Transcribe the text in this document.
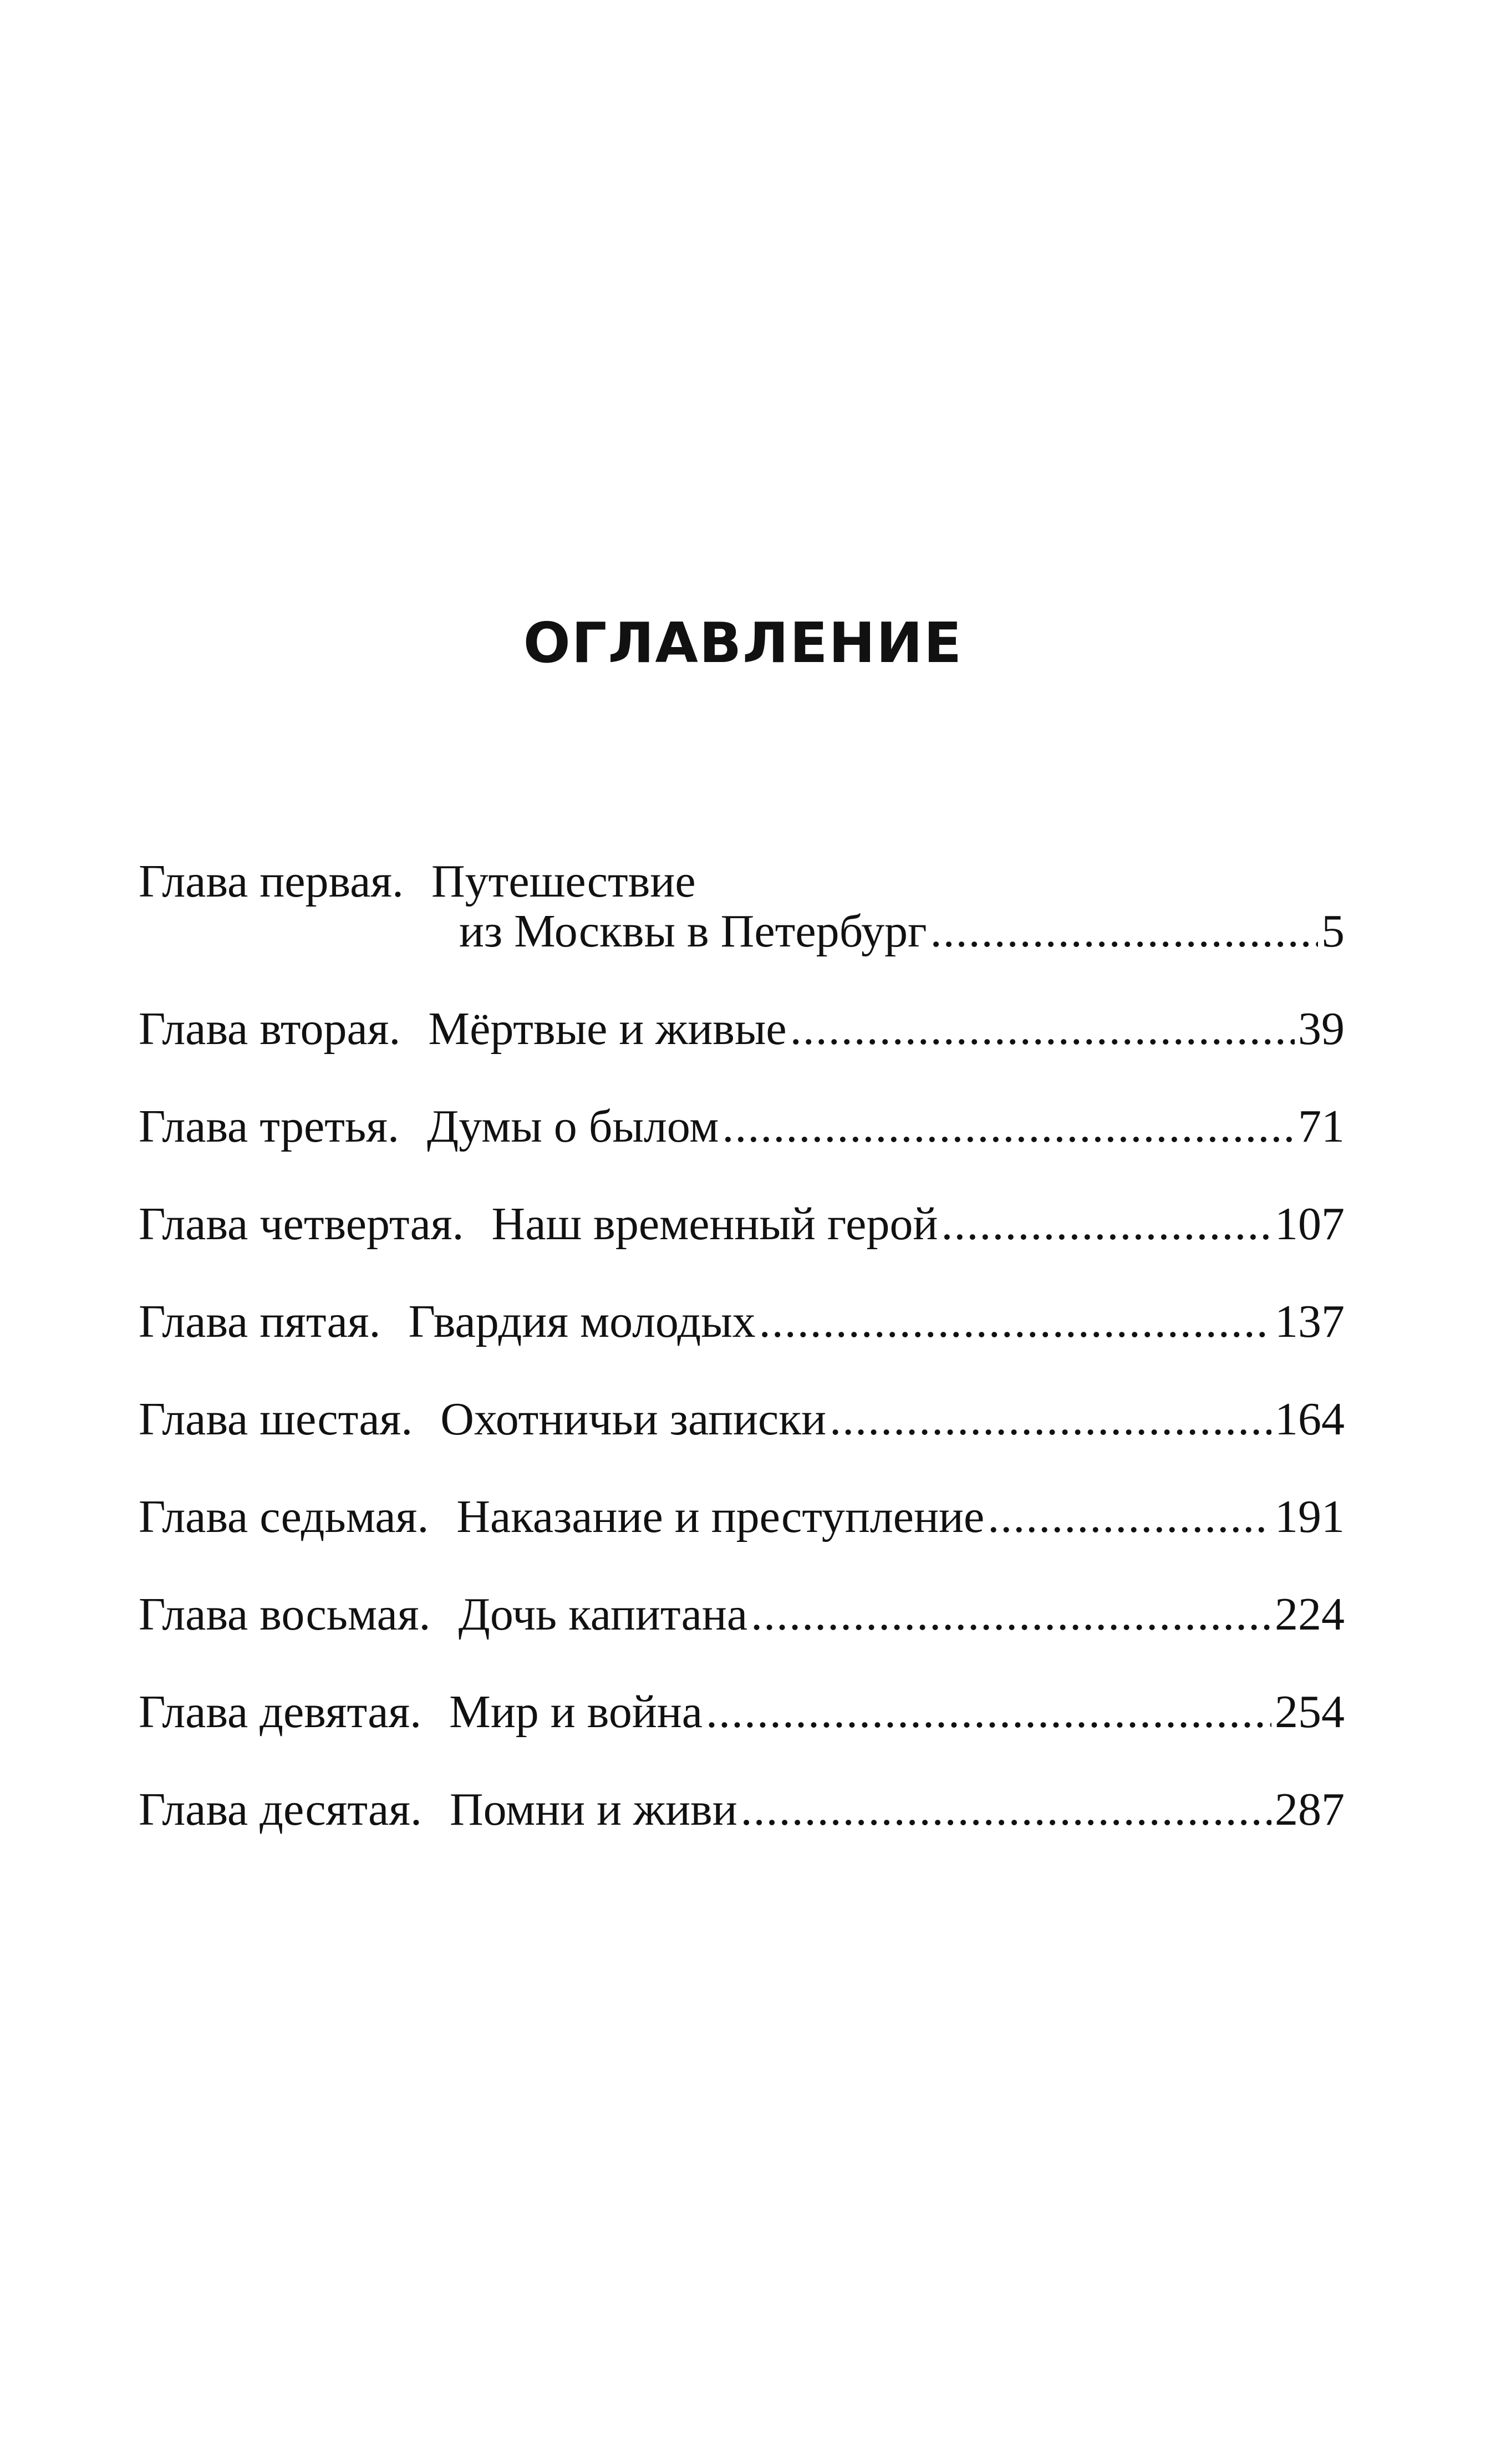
ОГЛАВЛЕНИЕ
Глава первая. Путешествие
из Москвы в Петербург .....	5
Глава вторая. Мёртвые и живые .....	39
Глава третья. Думы о былом .....	71
Глава четвертая. Наш временный герой .....	107
Глава пятая. Гвардия молодых .....	137
Глава шестая. Охотничьи записки .....	164
Глава седьмая. Наказание и преступление .....	191
Глава восьмая. Дочь капитана .....	224
Глава девятая. Мир и война .....	254
Глава десятая. Помни и живи .....	287
